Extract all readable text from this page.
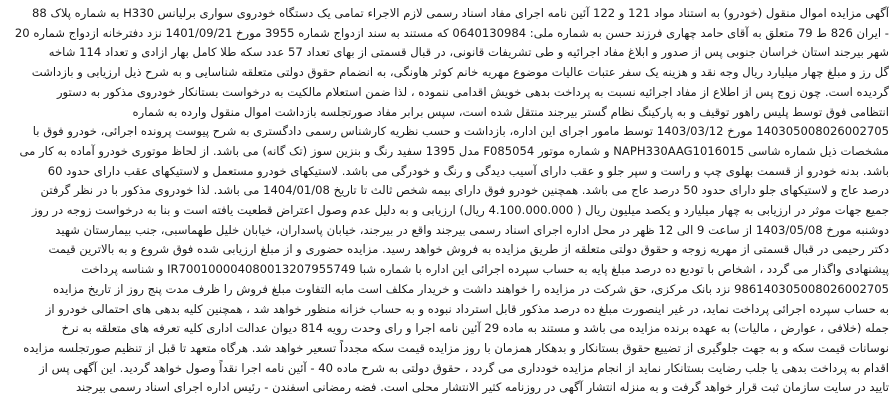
آگهی مزایده اموال منقول (خودرو) به استناد مواد 121 و 122 آئین نامه اجرای مفاد اسناد رسمی لازم الاجراء تمامی یک دستگاه خودروی سواری برلیانس H330 به شماره پلاک 88
- ایران 826 ط 79 متعلق به آقای حامد چهاری فرزند حسن به شماره ملی: 0640130984 که مستند به سند ازدواج شماره 3955 مورخ 1401/09/21 نزد دفترخانه ازدواج شماره 20
شهر بیرجند استان خراسان جنوبی پس از صدور و ابلاغ مفاد اجرائیه و طی تشریفات قانونی، در قبال قسمتی از بهای تعداد 57 عدد سکه طلا کامل بهار ازادی و تعداد 114 شاخه
گل رز و مبلغ چهار میلیارد ریال وجه نقد و هزینه یک سفر عتبات عالیات موضوع مهریه خانم کوثر هاونگی، به انضمام حقوق دولتی متعلقه شناسایی و به شرح ذیل ارزیابی و بازداشت
گردیده است. چون زوج پس از اطلاع از مفاد اجرائیه نسبت به پرداخت بدهی خویش اقدامی ننموده ، لذا ضمن استعلام مالکیت به درخواست بستانکار خودروی مذکور به دستور
انتظامی فوق توسط پلیس راهور توقیف و به پارکینگ نظام گستر بیرجند منتقل شده است، سپس برابر مفاد صورتجلسه بازداشت اموال منقول وارده به شماره
140305008026002705 مورخ 1403/03/12 توسط مامور اجرای این اداره، بازداشت و حسب نظریه کارشناس رسمی دادگستری به شرح پیوست پرونده اجرائی، خودرو فوق با
مشخصات ذیل شماره شاسی NAPH330AAG1016015 و شماره موتور F085054 مدل 1395 سفید رنگ و بنزین سوز (تک گانه) می باشد. از لحاظ موتوری خودرو آماده به کار می
باشد. بدنه خودرو از قسمت بهلوی چپ و راست و سپر جلو و عقب دارای آسیب دیدگی و رنگ و خودرگی می باشد. لاستیکهای خودرو مستعمل و لاستیکهای عقب دارای حدود 60
درصد عاج و لاستیکهای جلو دارای حدود 50 درصد عاج می باشد. همچنین خودرو فوق دارای بیمه شخص ثالث تا تاریخ 1404/01/08 می باشد. لذا خودروی مذکور با در نظر گرفتن
جمیع جهات موثر در ارزیابی به چهار میلیارد و یکصد میلیون ریال ( 4.100.000.000 ریال) ارزیابی و به دلیل عدم وصول اعتراض قطعیت یافته است و بنا به درخواست زوجه در روز
دوشنبه مورخ 1403/05/08 از ساعت 9 الی 12 ظهر در محل اداره اجرای اسناد رسمی بیرجند واقع در بیرجند، خیابان پاسداران، خیابان خلیل طهماسبی، جنب بیمارستان شهید
دکتر رحیمی در قبال قسمتی از مهریه زوجه و حقوق دولتی متعلقه از طریق مزایده به فروش خواهد رسید. مزایده حضوری و از مبلغ ارزیابی شده فوق شروع و به بالاترین قیمت
پیشنهادی واگذار می گردد ، اشخاص با تودیع ده درصد مبلغ پایه به حساب سپرده اجرائی این اداره با شماره شبا IR700100004080013207955749 و شناسه پرداخت
986140305008026002705 نزد بانک مرکزی، حق شرکت در مزایده را خواهند داشت و خریدار مکلف است مابه التفاوت مبلغ فروش را ظرف مدت پنج روز از تاریخ مزایده
به حساب سپرده اجرائی پرداخت نماید، در غیر اینصورت مبلغ ده درصد مذکور قابل استرداد نبوده و به حساب خزانه منظور خواهد شد ، همچنین کلیه بدهی های احتمالی خودرو از
جمله (خلافی ، عوارض ، مالیات) به عهده برنده مزایده می باشد و مستند به ماده 29 آئین نامه اجرا و رای وحدت رویه 814 دیوان عدالت اداری کلیه تعرفه های متعلقه به نرخ
نوسانات قیمت سکه و به جهت جلوگیری از تضییع حقوق بستانکار و بدهکار همزمان با روز مزایده قیمت سکه مجدداً تسعیر خواهد شد. هرگاه متعهد تا قبل از تنظیم صورتجلسه مزایده
اقدام به پرداخت بدهی یا جلب رضایت بستانکار نماید از انجام مزایده خودداری می گردد ، حقوق دولتی به شرح ماده 40 - آئین نامه اجرا نقداً وصول خواهد گردید. این آگهی پس از
تایید در سایت سازمان ثبت قرار خواهد گرفت و به منزله انتشار آگهی در روزنامه کثیر الانتشار محلی است. فضه رمضانی اسفندن - رئیس اداره اجرای اسناد رسمی بیرجند
